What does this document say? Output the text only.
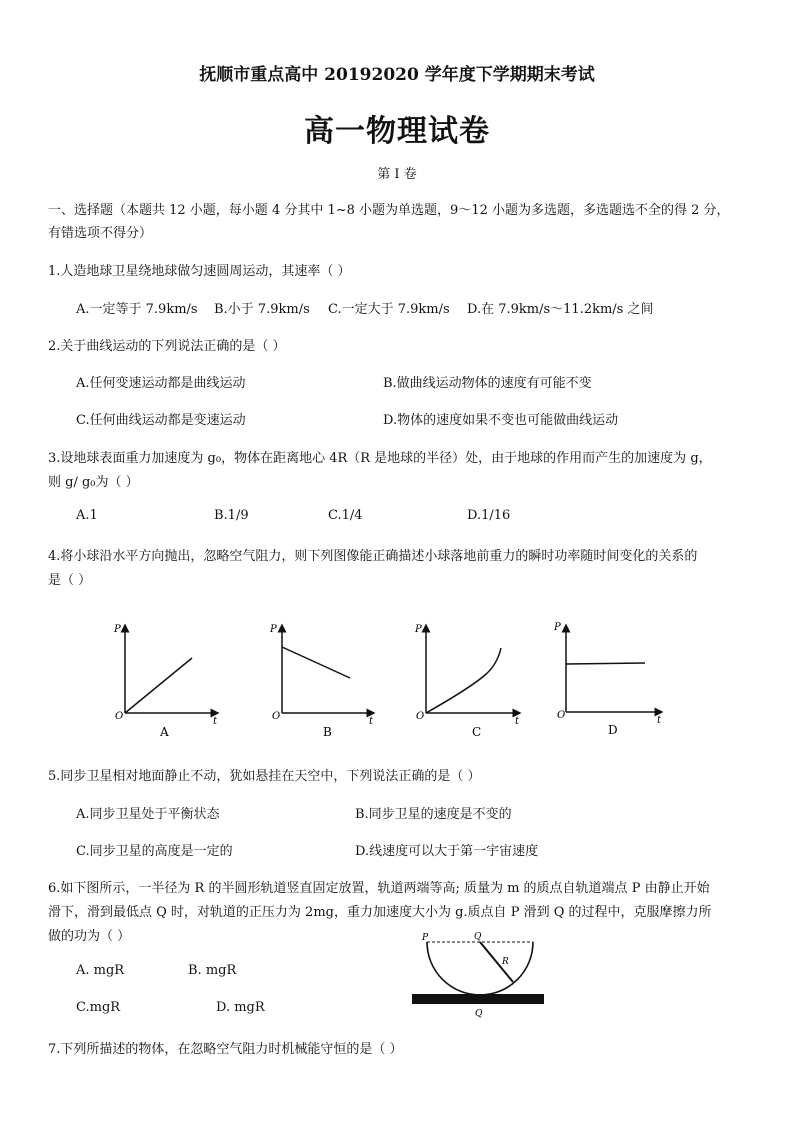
抚顺市重点高中 20192020 学年度下学期期末考试
高一物理试卷
第 I 卷
一、选择题（本题共 12 小题，每小题 4 分其中 1~8 小题为单选题，9～12 小题为多选题，多选题选不全的得 2 分，
有错选项不得分）
1.人造地球卫星绕地球做匀速圆周运动，其速率（ ）
A.一定等于 7.9km/s B.小于 7.9km/s C.一定大于 7.9km/s D.在 7.9km/s～11.2km/s 之间
2.关于曲线运动的下列说法正确的是（ ）
A.任何变速运动都是曲线运动	B.做曲线运动物体的速度有可能不变
C.任何曲线运动都是变速运动	D.物体的速度如果不变也可能做曲线运动
3.设地球表面重力加速度为 g₀，物体在距离地心 4R（R 是地球的半径）处，由于地球的作用而产生的加速度为 g，
则 g/ g₀为（ ）
A.1	B.1/9	C.1/4	D.1/16
4.将小球沿水平方向抛出，忽略空气阻力，则下列图像能正确描述小球落地前重力的瞬时功率随时间变化的关系的
是（ ）
P
t
O
A
P
t
O
B
P
t
O
C
P
t
O
D
5.同步卫星相对地面静止不动，犹如悬挂在天空中，下列说法正确的是（ ）
A.同步卫星处于平衡状态	B.同步卫星的速度是不变的
C.同步卫星的高度是一定的	D.线速度可以大于第一宇宙速度
6.如下图所示，一半径为 R 的半圆形轨道竖直固定放置，轨道两端等高; 质量为 m 的质点自轨道端点 P 由静止开始
滑下，滑到最低点 Q 时，对轨道的正压力为 2mg，重力加速度大小为 g.质点自 P 滑到 Q 的过程中，克服摩擦力所
做的功为（ ）
A. mgR	B. mgR
C.mgR	D. mgR
P	Q
R
Q
7.下列所描述的物体，在忽略空气阻力时机械能守恒的是（ ）
